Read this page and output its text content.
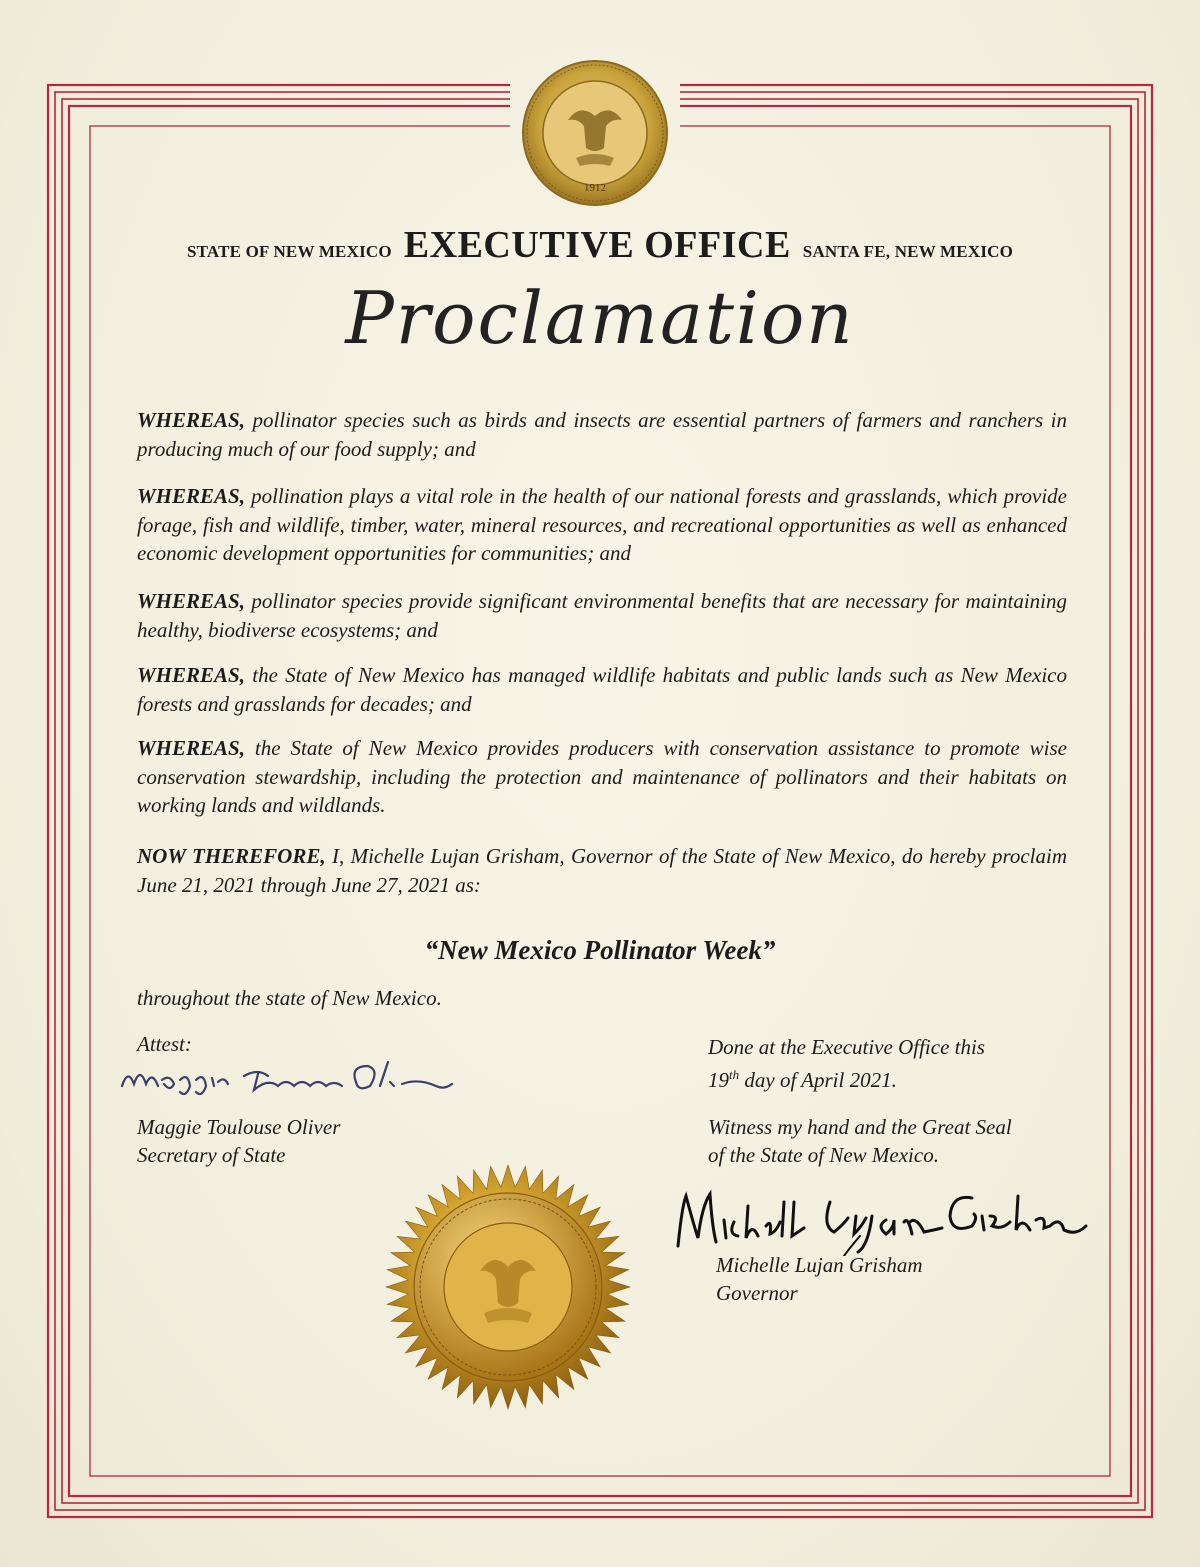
1912
STATE OF NEW MEXICO EXECUTIVE OFFICE SANTA FE, NEW MEXICO
Proclamation

WHEREAS, pollinator species such as birds and insects are essential partners of farmers and ranchers in producing much of our food supply; and

WHEREAS, pollination plays a vital role in the health of our national forests and grasslands, which provide forage, fish and wildlife, timber, water, mineral resources, and recreational opportunities as well as enhanced economic development opportunities for communities; and

WHEREAS, pollinator species provide significant environmental benefits that are necessary for maintaining healthy, biodiverse ecosystems; and

WHEREAS, the State of New Mexico has managed wildlife habitats and public lands such as New Mexico forests and grasslands for decades; and

WHEREAS, the State of New Mexico provides producers with conservation assistance to promote wise conservation stewardship, including the protection and maintenance of pollinators and their habitats on working lands and wildlands.

NOW THEREFORE, I, Michelle Lujan Grisham, Governor of the State of New Mexico, do hereby proclaim June 21, 2021 through June 27, 2021 as:

“New Mexico Pollinator Week”

throughout the state of New Mexico.

Attest:

Maggie Toulouse Oliver

Secretary of State

Done at the Executive Office this

19th day of April 2021.

Witness my hand and the Great Seal

of the State of New Mexico.

Michelle Lujan Grisham

Governor
